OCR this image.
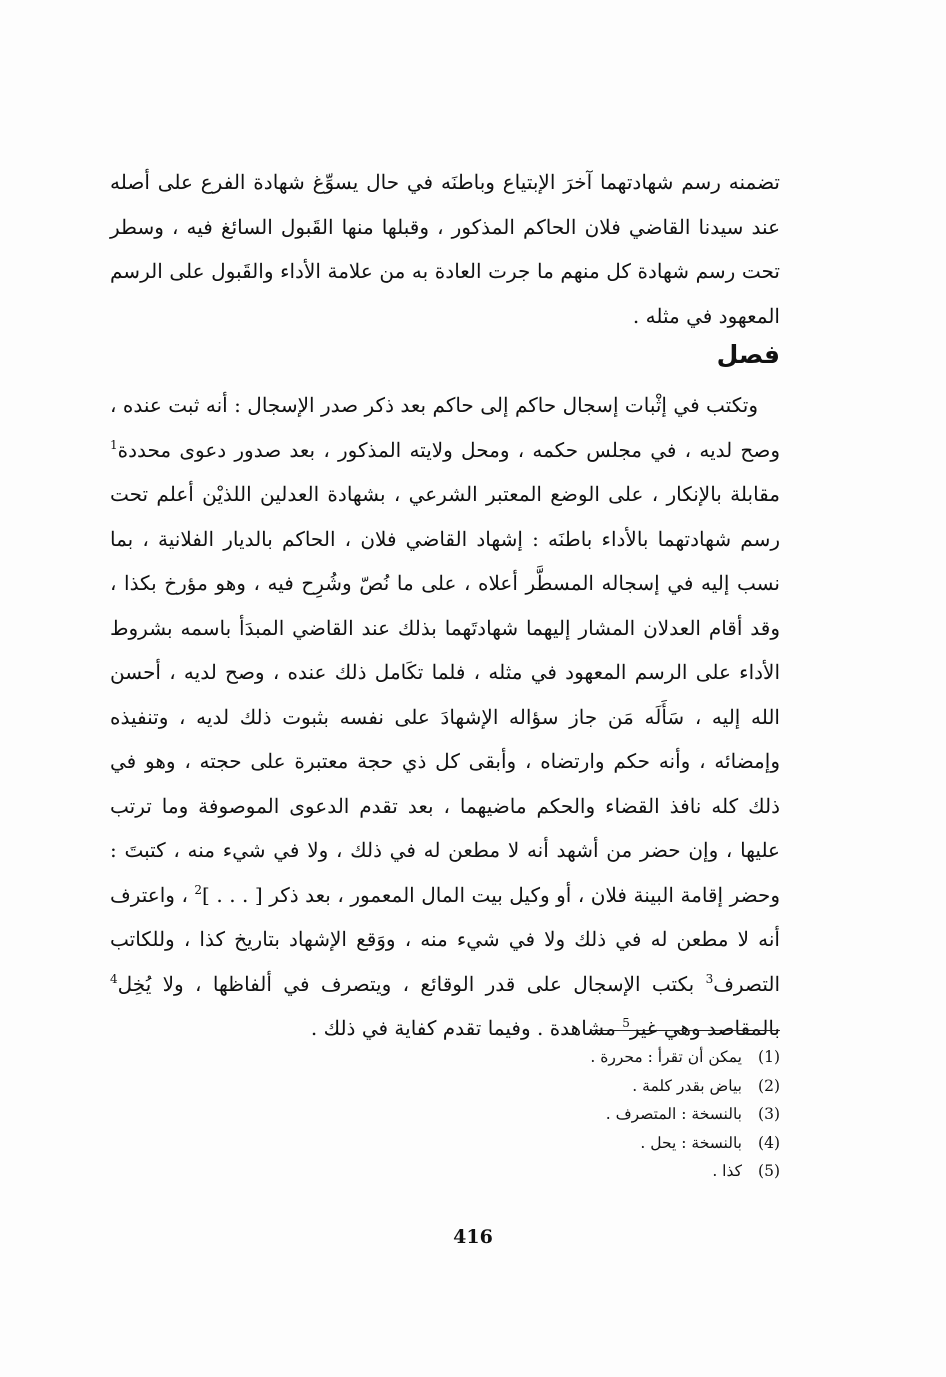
تضمنه رسم شهادتهما آخرَ الإبتياع وباطنَه في حال يسوِّغ شهادة الفرع على أصله عند سيدنا القاضي فلان الحاكم المذكور ، وقبلها منها القَبول السائغ فيه ، وسطر تحت رسم شهادة كل منهم ما جرت العادة به من علامة الأداء والقَبول على الرسم المعهود في مثله .

فصل

وتكتب في إثْبات إسجال حاكم إلى حاكم بعد ذكر صدر الإسجال : أنه ثبت عنده ، وصح لديه ، في مجلس حكمه ، ومحل ولايته المذكور ، بعد صدور دعوى محددة$^1$ مقابلة بالإنكار ، على الوضع المعتبر الشرعي ، بشهادة العدلين اللذيْن أعلم تحت رسم شهادتهما بالأداء باطنَه : إشهاد القاضي فلان ، الحاكم بالديار الفلانية ، بما نسب إليه في إسجاله المسطَّر أعلاه ، على ما نُصّ وشُرِح فيه ، وهو مؤرخ بكذا ، وقد أقام العدلان المشار إليهما شهادتَهما بذلك عند القاضي المبدَأ باسمه بشروط الأداء على الرسم المعهود في مثله ، فلما تكَامل ذلك عنده ، وصح لديه ، أحسن الله إليه ، سَأَلَه مَن جاز سؤاله الإشهادَ على نفسه بثبوت ذلك لديه ، وتنفيذه وإمضائه ، وأنه حكم وارتضاه ، وأبقى كل ذي حجة معتبرة على حجته ، وهو في ذلك كله نافذ القضاء والحكم ماضيهما ، بعد تقدم الدعوى الموصوفة وما ترتب عليها ، وإن حضر من أشهد أنه لا مطعن له في ذلك ، ولا في شيء منه ، كتبتَ : وحضر إقامة البينة فلان ، أو وكيل بيت المال المعمور ، بعد ذكر [ . . . ]$^2$ ، واعترف أنه لا مطعن له في ذلك ولا في شيء منه ، ووَقع الإشهاد بتاريخ كذا ، وللكاتب التصرف$^3$ بكتب الإسجال على قدر الوقائع ، ويتصرف في ألفاظها ، ولا يُخِل$^4$ بالمقاصد وهي غير$^5$ مشاهدة . وفيما تقدم كفاية في ذلك .

(1)
يمكن أن تقرأ : محررة .
(2)
بياض بقدر كلمة .
(3)
بالنسخة : المتصرف .
(4)
بالنسخة : يحل .
(5)
كذا .
416
